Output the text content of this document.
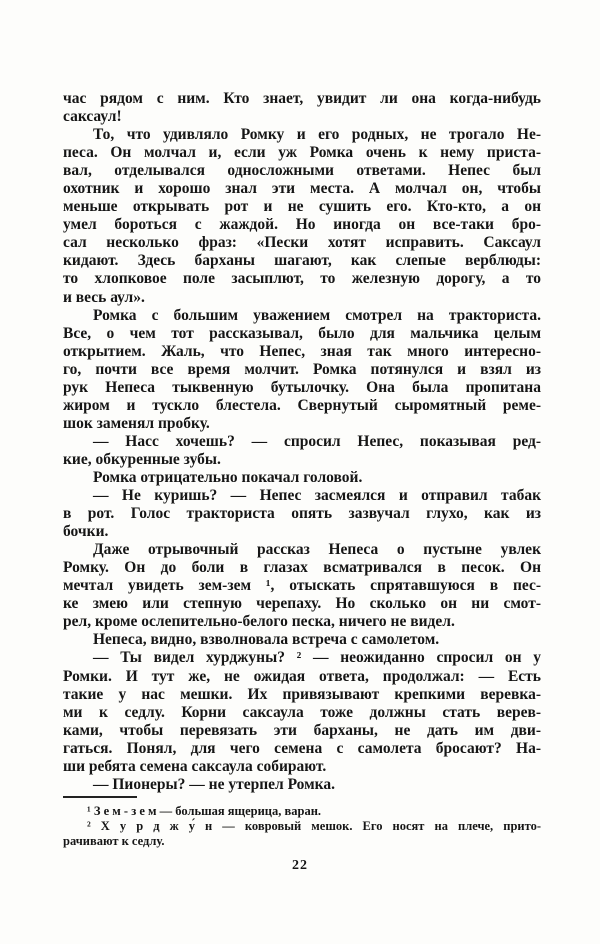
час рядом с ним. Кто знает, увидит ли она когда-нибудь
саксаул!
То, что удивляло Ромку и его родных, не трогало Не-
песа. Он молчал и, если уж Ромка очень к нему приста-
вал, отделывался односложными ответами. Непес был
охотник и хорошо знал эти места. А молчал он, чтобы
меньше открывать рот и не сушить его. Кто-кто, а он
умел бороться с жаждой. Но иногда он все-таки бро-
сал несколько фраз: «Пески хотят исправить. Саксаул
кидают. Здесь барханы шагают, как слепые верблюды:
то хлопковое поле засыплют, то железную дорогу, а то
и весь аул».
Ромка с большим уважением смотрел на тракториста.
Все, о чем тот рассказывал, было для мальчика целым
открытием. Жаль, что Непес, зная так много интересно-
го, почти все время молчит. Ромка потянулся и взял из
рук Непеса тыквенную бутылочку. Она была пропитана
жиром и тускло блестела. Свернутый сыромятный реме-
шок заменял пробку.
— Насс хочешь? — спросил Непес, показывая ред-
кие, обкуренные зубы.
Ромка отрицательно покачал головой.
— Не куришь? — Непес засмеялся и отправил табак
в рот. Голос тракториста опять зазвучал глухо, как из
бочки.
Даже отрывочный рассказ Непеса о пустыне увлек
Ромку. Он до боли в глазах всматривался в песок. Он
мечтал увидеть зем-зем ¹, отыскать спрятавшуюся в пес-
ке змею или степную черепаху. Но сколько он ни смот-
рел, кроме ослепительно-белого песка, ничего не видел.
Непеса, видно, взволновала встреча с самолетом.
— Ты видел хурджуны? ² — неожиданно спросил он у
Ромки. И тут же, не ожидая ответа, продолжал: — Есть
такие у нас мешки. Их привязывают крепкими веревка-
ми к седлу. Корни саксаула тоже должны стать верев-
ками, чтобы перевязать эти барханы, не дать им дви-
гаться. Понял, для чего семена с самолета бросают? На-
ши ребята семена саксаула собирают.
— Пионеры? — не утерпел Ромка.
¹ З е м - з е м — большая ящерица, варан.
² Х у р д ж у́ н — ковровый мешок. Его носят на плече, прито-
рачивают к седлу.
22
